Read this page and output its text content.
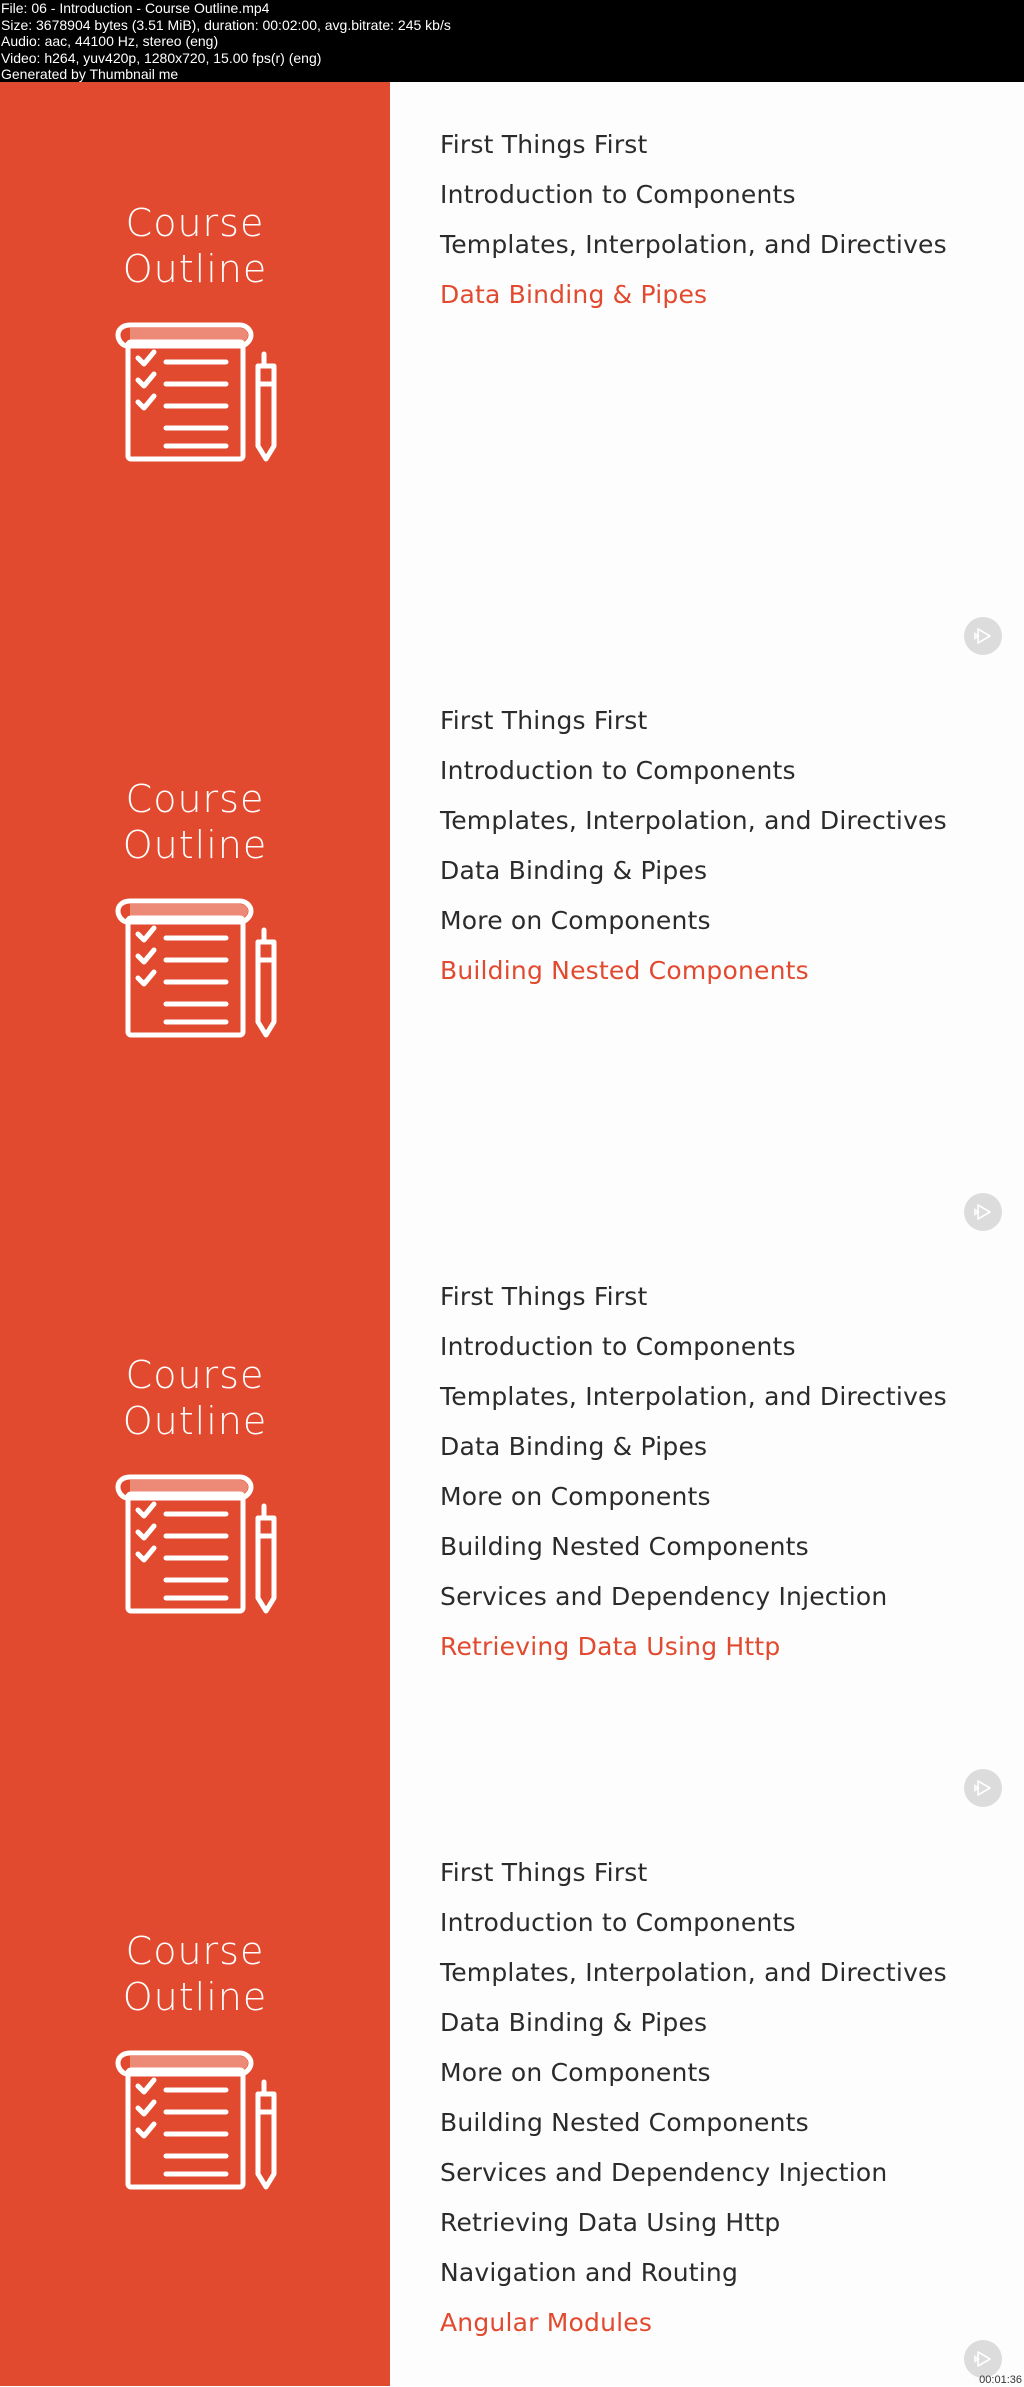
File: 06 - Introduction - Course Outline.mp4
Size: 3678904 bytes (3.51 MiB), duration: 00:02:00, avg.bitrate: 245 kb/s
Audio: aac, 44100 Hz, stereo (eng)
Video: h264, yuv420p, 1280x720, 15.00 fps(r) (eng)
Generated by Thumbnail me
Course
Outline
First Things First
Introduction to Components
Templates, Interpolation, and Directives
Data Binding & Pipes
Course
Outline
First Things First
Introduction to Components
Templates, Interpolation, and Directives
Data Binding & Pipes
More on Components
Building Nested Components
Course
Outline
First Things First
Introduction to Components
Templates, Interpolation, and Directives
Data Binding & Pipes
More on Components
Building Nested Components
Services and Dependency Injection
Retrieving Data Using Http
Course
Outline
First Things First
Introduction to Components
Templates, Interpolation, and Directives
Data Binding & Pipes
More on Components
Building Nested Components
Services and Dependency Injection
Retrieving Data Using Http
Navigation and Routing
Angular Modules
00:01:36
